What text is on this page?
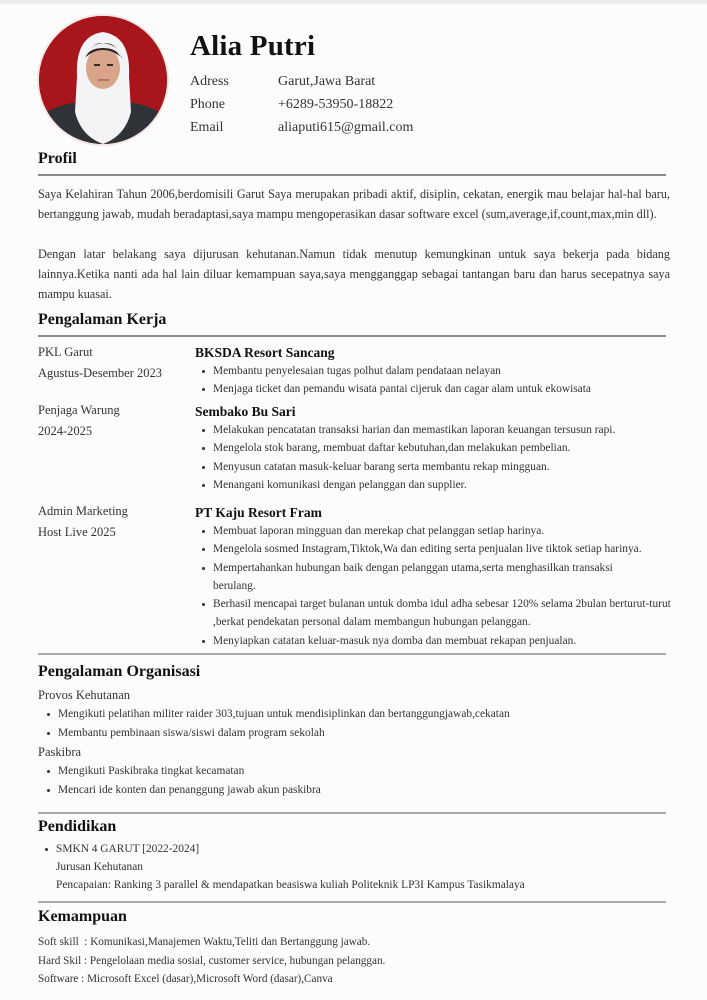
Alia Putri
Adress	Garut,Jawa Barat
Phone	+6289-53950-18822
Email	aliaputi615@gmail.com
Profil
Saya Kelahiran Tahun 2006,berdomisili Garut Saya merupakan pribadi aktif, disiplin, cekatan, energik mau belajar hal-hal baru, bertanggung jawab, mudah beradaptasi,saya mampu mengoperasikan dasar software excel (sum,average,if,count,max,min dll).
Dengan latar belakang saya dijurusan kehutanan.Namun tidak menutup kemungkinan untuk saya bekerja pada bidang lainnya.Ketika nanti ada hal lain diluar kemampuan saya,saya mengganggap sebagai tantangan baru dan harus secepatnya saya mampu kuasai.
Pengalaman Kerja
PKL Garut
Agustus-Desember 2023
BKSDA Resort Sancang
Membantu penyelesaian tugas polhut dalam pendataan nelayan
Menjaga ticket dan pemandu wisata pantai cijeruk dan cagar alam untuk ekowisata
Penjaga Warung
2024-2025
Sembako Bu Sari
Melakukan pencatatan transaksi harian dan memastikan laporan keuangan tersusun rapi.
Mengelola stok barang, membuat daftar kebutuhan,dan melakukan pembelian.
Menyusun catatan masuk-keluar barang serta membantu rekap mingguan.
Menangani komunikasi dengan pelanggan dan supplier.
Admin Marketing
Host Live 2025
PT Kaju Resort Fram
Membuat laporan mingguan dan merekap chat pelanggan setiap harinya.
Mengelola sosmed Instagram,Tiktok,Wa dan editing serta penjualan live tiktok setiap harinya.
Mempertahankan hubungan baik dengan pelanggan utama,serta menghasilkan transaksi berulang.
Berhasil mencapai target bulanan untuk domba idul adha sebesar 120% selama 2bulan berturut-turut ,berkat pendekatan personal dalam membangun hubungan pelanggan.
Menyiapkan catatan keluar-masuk nya domba dan membuat rekapan penjualan.
Pengalaman Organisasi
Provos Kehutanan
Mengikuti pelatihan militer raider 303,tujuan untuk mendisiplinkan dan bertanggungjawab,cekatan
Membantu pembinaan siswa/siswi dalam program sekolah
Paskibra
Mengikuti Paskibraka tingkat kecamatan
Mencari ide konten dan penanggung jawab akun paskibra
Pendidikan
SMKN 4 GARUT [2022-2024]
Jurusan Kehutanan
Pencapaian: Ranking 3 parallel & mendapatkan beasiswa kuliah Politeknik LP3I Kampus Tasikmalaya
Kemampuan
Soft skill  : Komunikasi,Manajemen Waktu,Teliti dan Bertanggung jawab.
Hard Skil : Pengelolaan media sosial, customer service, hubungan pelanggan.
Software : Microsoft Excel (dasar),Microsoft Word (dasar),Canva
